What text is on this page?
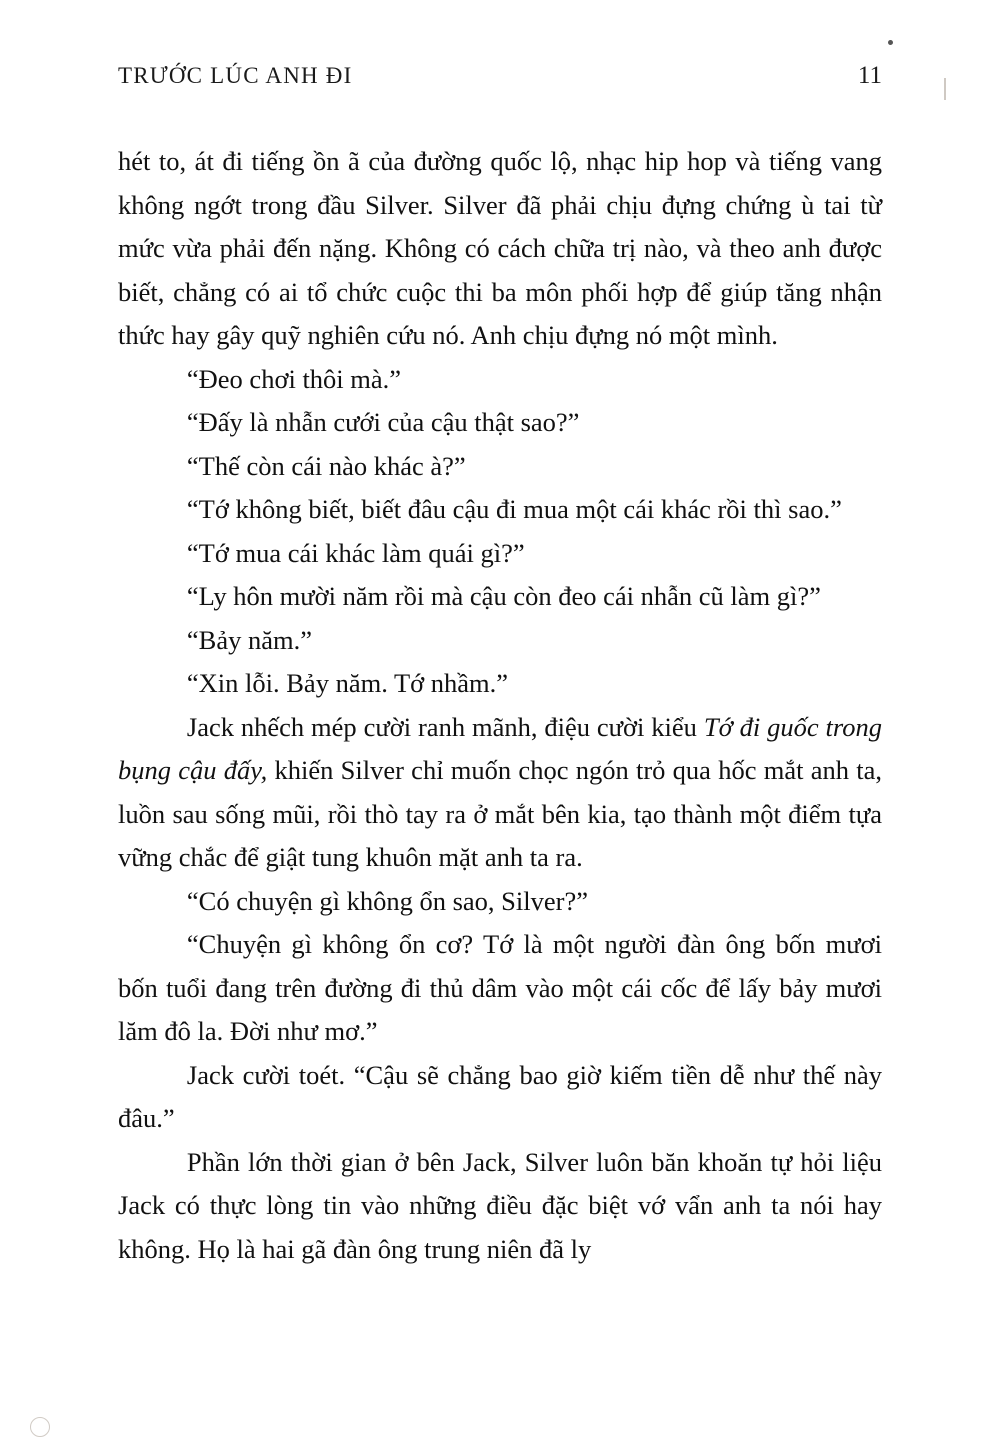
TRƯỚC LÚC ANH ĐI	11

hét to, át đi tiếng ồn ã của đường quốc lộ, nhạc hip hop và tiếng vang không ngớt trong đầu Silver. Silver đã phải chịu đựng chứng ù tai từ mức vừa phải đến nặng. Không có cách chữa trị nào, và theo anh được biết, chẳng có ai tổ chức cuộc thi ba môn phối hợp để giúp tăng nhận thức hay gây quỹ nghiên cứu nó. Anh chịu đựng nó một mình.

“Đeo chơi thôi mà.”

“Đấy là nhẫn cưới của cậu thật sao?”

“Thế còn cái nào khác à?”

“Tớ không biết, biết đâu cậu đi mua một cái khác rồi thì sao.”

“Tớ mua cái khác làm quái gì?”

“Ly hôn mười năm rồi mà cậu còn đeo cái nhẫn cũ làm gì?”

“Bảy năm.”

“Xin lỗi. Bảy năm. Tớ nhầm.”

Jack nhếch mép cười ranh mãnh, điệu cười kiểu Tớ đi guốc trong bụng cậu đấy, khiến Silver chỉ muốn chọc ngón trỏ qua hốc mắt anh ta, luồn sau sống mũi, rồi thò tay ra ở mắt bên kia, tạo thành một điểm tựa vững chắc để giật tung khuôn mặt anh ta ra.

“Có chuyện gì không ổn sao, Silver?”

“Chuyện gì không ổn cơ? Tớ là một người đàn ông bốn mươi bốn tuổi đang trên đường đi thủ dâm vào một cái cốc để lấy bảy mươi lăm đô la. Đời như mơ.”

Jack cười toét. “Cậu sẽ chẳng bao giờ kiếm tiền dễ như thế này đâu.”

Phần lớn thời gian ở bên Jack, Silver luôn băn khoăn tự hỏi liệu Jack có thực lòng tin vào những điều đặc biệt vớ vẩn anh ta nói hay không. Họ là hai gã đàn ông trung niên đã ly
